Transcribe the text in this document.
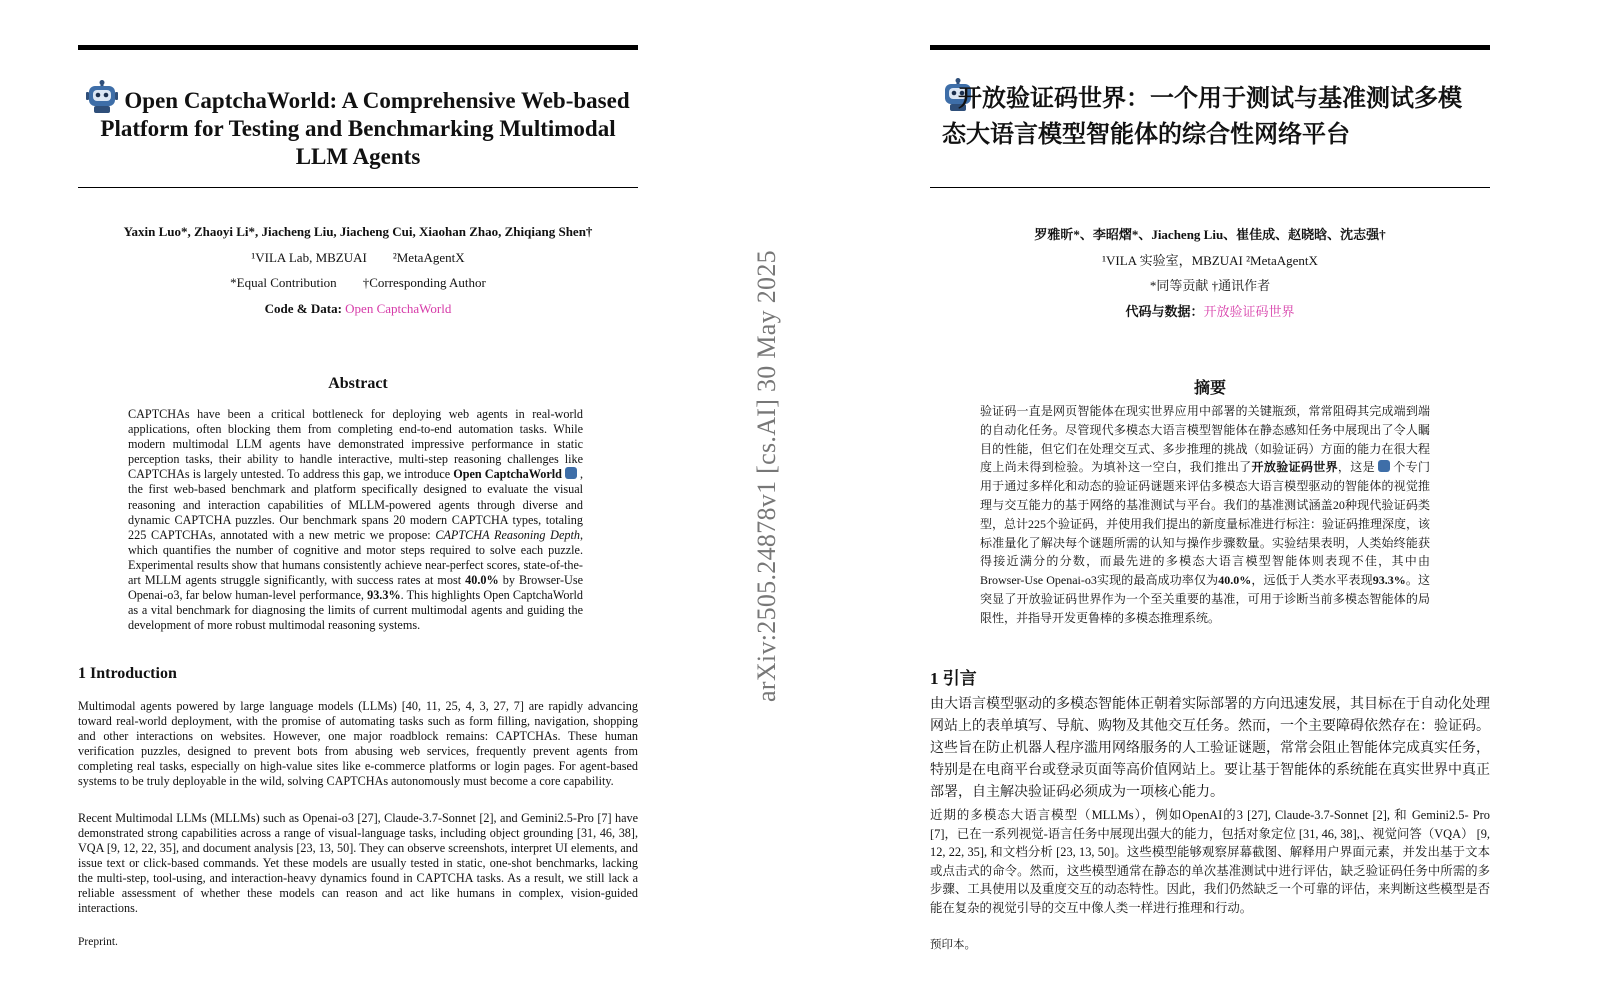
Open CaptchaWorld: A Comprehensive Web-based Platform for Testing and Benchmarking Multimodal LLM Agents
Yaxin Luo*, Zhaoyi Li*, Jiacheng Liu, Jiacheng Cui, Xiaohan Zhao, Zhiqiang Shen†
¹VILA Lab, MBZUAI ²MetaAgentX
*Equal Contribution †Corresponding Author
Code & Data: Open CaptchaWorld
Abstract
CAPTCHAs have been a critical bottleneck for deploying web agents in real-world applications, often blocking them from completing end-to-end automation tasks. While modern multimodal LLM agents have demonstrated impressive performance in static perception tasks, their ability to handle interactive, multi-step reasoning challenges like CAPTCHAs is largely untested. To address this gap, we introduce Open CaptchaWorld , the first web-based benchmark and platform specifically designed to evaluate the visual reasoning and interaction capabilities of MLLM-powered agents through diverse and dynamic CAPTCHA puzzles. Our benchmark spans 20 modern CAPTCHA types, totaling 225 CAPTCHAs, annotated with a new metric we propose: CAPTCHA Reasoning Depth, which quantifies the number of cognitive and motor steps required to solve each puzzle. Experimental results show that humans consistently achieve near-perfect scores, state-of-the-art MLLM agents struggle significantly, with success rates at most 40.0% by Browser-Use Openai-o3, far below human-level performance, 93.3%. This highlights Open CaptchaWorld as a vital benchmark for diagnosing the limits of current multimodal agents and guiding the development of more robust multimodal reasoning systems.
1 Introduction
Multimodal agents powered by large language models (LLMs) [40, 11, 25, 4, 3, 27, 7] are rapidly advancing toward real-world deployment, with the promise of automating tasks such as form filling, navigation, shopping and other interactions on websites. However, one major roadblock remains: CAPTCHAs. These human verification puzzles, designed to prevent bots from abusing web services, frequently prevent agents from completing real tasks, especially on high-value sites like e-commerce platforms or login pages. For agent-based systems to be truly deployable in the wild, solving CAPTCHAs autonomously must become a core capability.
Recent Multimodal LLMs (MLLMs) such as Openai-o3 [27], Claude-3.7-Sonnet [2], and Gemini2.5-Pro [7] have demonstrated strong capabilities across a range of visual-language tasks, including object grounding [31, 46, 38], VQA [9, 12, 22, 35], and document analysis [23, 13, 50]. They can observe screenshots, interpret UI elements, and issue text or click-based commands. Yet these models are usually tested in static, one-shot benchmarks, lacking the multi-step, tool-using, and interaction-heavy dynamics found in CAPTCHA tasks. As a result, we still lack a reliable assessment of whether these models can reason and act like humans in complex, vision-guided interactions.
Preprint.
arXiv:2505.24878v1 [cs.AI] 30 May 2025
开放验证码世界：一个用于测试与基准测试多模态大语言模型智能体的综合性网络平台
罗雅昕*、李昭熠*、Jiacheng Liu、崔佳成、赵晓晗、沈志强†
¹VILA 实验室，MBZUAI ²MetaAgentX
*同等贡献 †通讯作者
代码与数据：开放验证码世界
摘要
验证码一直是网页智能体在现实世界应用中部署的关键瓶颈，常常阻碍其完成端到端的自动化任务。尽管现代多模态大语言模型智能体在静态感知任务中展现出了令人瞩目的性能，但它们在处理交互式、多步推理的挑战（如验证码）方面的能力在很大程度上尚未得到检验。为填补这一空白，我们推出了开放验证码世界，这是 个专门用于通过多样化和动态的验证码谜题来评估多模态大语言模型驱动的智能体的视觉推理与交互能力的基于网络的基准测试与平台。我们的基准测试涵盖20种现代验证码类型，总计225个验证码，并使用我们提出的新度量标准进行标注：验证码推理深度，该标准量化了解决每个谜题所需的认知与操作步骤数量。实验结果表明，人类始终能获得接近满分的分数，而最先进的多模态大语言模型智能体则表现不佳，其中由Browser-Use Openai-o3实现的最高成功率仅为40.0%，远低于人类水平表现93.3%。这突显了开放验证码世界作为一个至关重要的基准，可用于诊断当前多模态智能体的局限性，并指导开发更鲁棒的多模态推理系统。
1 引言
由大语言模型驱动的多模态智能体正朝着实际部署的方向迅速发展，其目标在于自动化处理网站上的表单填写、导航、购物及其他交互任务。然而，一个主要障碍依然存在：验证码。这些旨在防止机器人程序滥用网络服务的人工验证谜题，常常会阻止智能体完成真实任务，特别是在电商平台或登录页面等高价值网站上。要让基于智能体的系统能在真实世界中真正部署，自主解决验证码必须成为一项核心能力。
近期的多模态大语言模型（MLLMs），例如OpenAI的3 [27], Claude-3.7-Sonnet [2], 和 Gemini2.5- Pro [7]，已在一系列视觉-语言任务中展现出强大的能力，包括对象定位 [31, 46, 38],、视觉问答（VQA） [9, 12, 22, 35], 和文档分析 [23, 13, 50]。这些模型能够观察屏幕截图、解释用户界面元素，并发出基于文本或点击式的命令。然而，这些模型通常在静态的单次基准测试中进行评估，缺乏验证码任务中所需的多步骤、工具使用以及重度交互的动态特性。因此，我们仍然缺乏一个可靠的评估，来判断这些模型是否能在复杂的视觉引导的交互中像人类一样进行推理和行动。
预印本。
